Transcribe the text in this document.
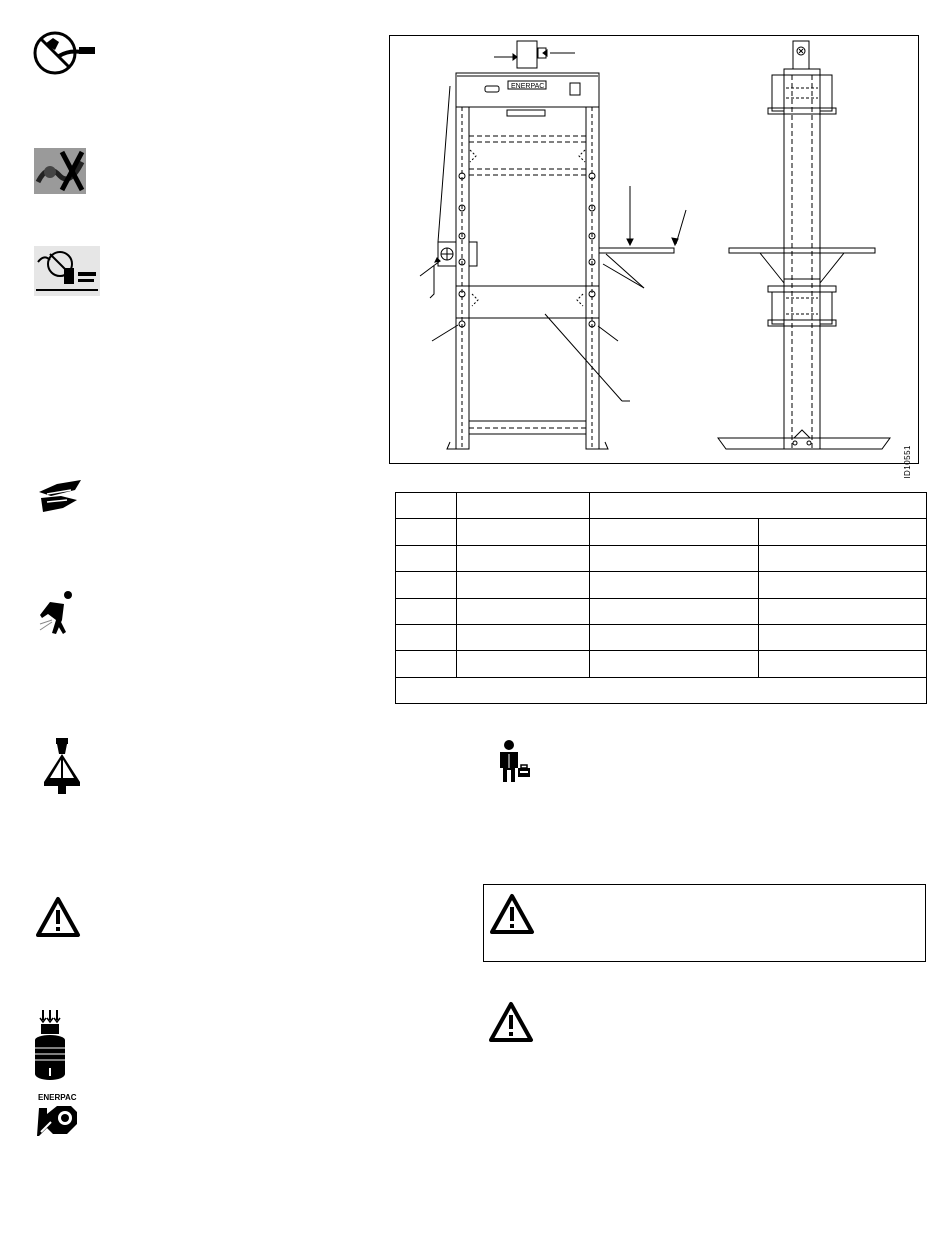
ENERPAC
ENERPAC
ID10551
